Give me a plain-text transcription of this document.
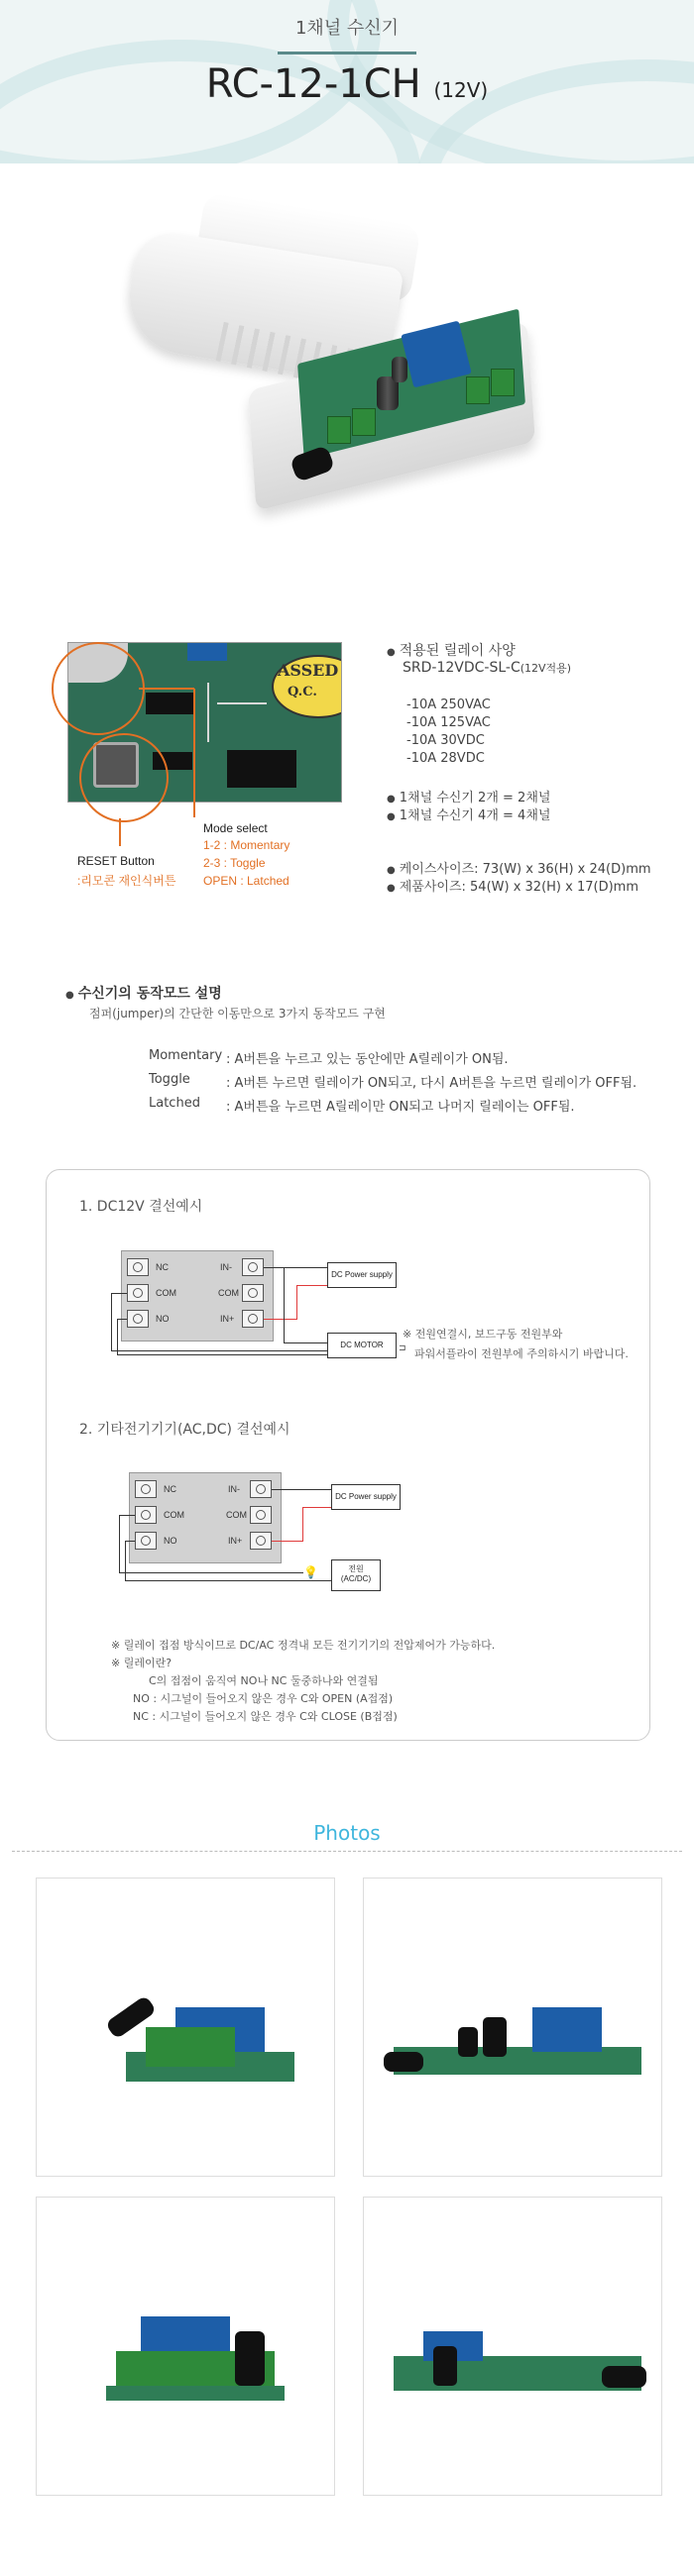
1채널 수신기
RC-12-1CH (12V)
ASSED
Q.C.
RESET Button
:리모콘 재인식버튼
Mode select
1-2 : Momentary
2-3 : Toggle
OPEN : Latched
● 적용된 릴레이 사양
SRD-12VDC-SL-C(12V적용)
-10A 250VAC
-10A 125VAC
-10A 30VDC
-10A 28VDC
● 1채널 수신기 2개 = 2채널
● 1채널 수신기 4개 = 4채널
● 케이스사이즈: 73(W) x 36(H) x 24(D)mm
● 제품사이즈: 54(W) x 32(H) x 17(D)mm
● 수신기의 동작모드 설명
점퍼(jumper)의 간단한 이동만으로 3가지 동작모드 구현
Momentary : A버튼을 누르고 있는 동안에만 A릴레이가 ON됨.
Toggle	: A버튼 누르면 릴레이가 ON되고, 다시 A버튼을 누르면 릴레이가 OFF됨.
Latched : A버튼을 누르면 A릴레이만 ON되고 나머지 릴레이는 OFF됨.
1. DC12V 결선예시
NC
COM
NO
IN-
COM
IN+
DC Power supply
DC MOTOR	⊐
※ 전원연결시, 보드구동 전원부와
파워서플라이 전원부에 주의하시기 바랍니다.
2. 기타전기기기(AC,DC) 결선예시
NC
COM
NO
IN-
COM
IN+
DC Power supply
전원
(AC/DC)
💡
※ 릴레이 접점 방식이므로 DC/AC 정격내 모든 전기기기의 전압제어가 가능하다.
※ 릴레이란?
C의 접점이 움직여 NO나 NC 둘중하나와 연결됨
NO : 시그널이 들어오지 않은 경우 C와 OPEN (A접점)
NC : 시그널이 들어오지 않은 경우 C와 CLOSE (B접점)
Photos
